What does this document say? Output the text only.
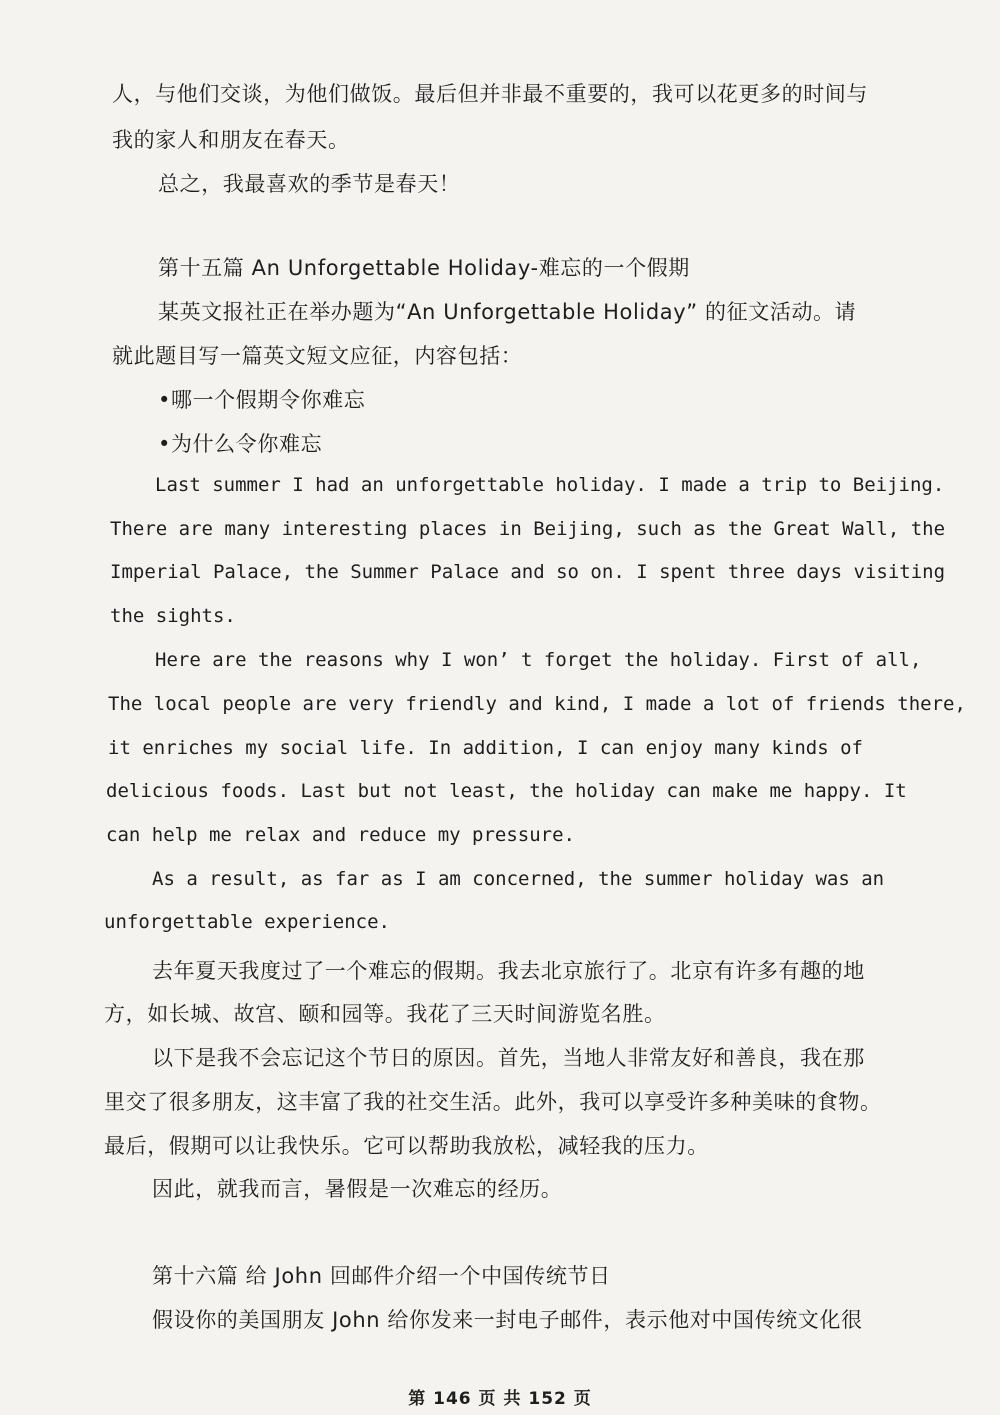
人，与他们交谈，为他们做饭。最后但并非最不重要的，我可以花更多的时间与

我的家人和朋友在春天。

总之，我最喜欢的季节是春天！

第十五篇 An Unforgettable Holiday-难忘的一个假期

某英文报社正在举办题为“An Unforgettable Holiday” 的征文活动。请

就此题目写一篇英文短文应征，内容包括：

•哪一个假期令你难忘

•为什么令你难忘

Last summer I had an unforgettable holiday. I made a trip to Beijing.

There are many interesting places in Beijing, such as the Great Wall, the

Imperial Palace, the Summer Palace and so on. I spent three days visiting

the sights.

Here are the reasons why I won’ t forget the holiday. First of all,

The local people are very friendly and kind, I made a lot of friends there,

it enriches my social life. In addition, I can enjoy many kinds of

delicious foods. Last but not least, the holiday can make me happy. It

can help me relax and reduce my pressure.

As a result, as far as I am concerned, the summer holiday was an

unforgettable experience.

去年夏天我度过了一个难忘的假期。我去北京旅行了。北京有许多有趣的地

方，如长城、故宫、颐和园等。我花了三天时间游览名胜。

以下是我不会忘记这个节日的原因。首先，当地人非常友好和善良，我在那

里交了很多朋友，这丰富了我的社交生活。此外，我可以享受许多种美味的食物。

最后，假期可以让我快乐。它可以帮助我放松，减轻我的压力。

因此，就我而言，暑假是一次难忘的经历。

第十六篇 给 John 回邮件介绍一个中国传统节日

假设你的美国朋友 John 给你发来一封电子邮件，表示他对中国传统文化很

第 146 页 共 152 页
